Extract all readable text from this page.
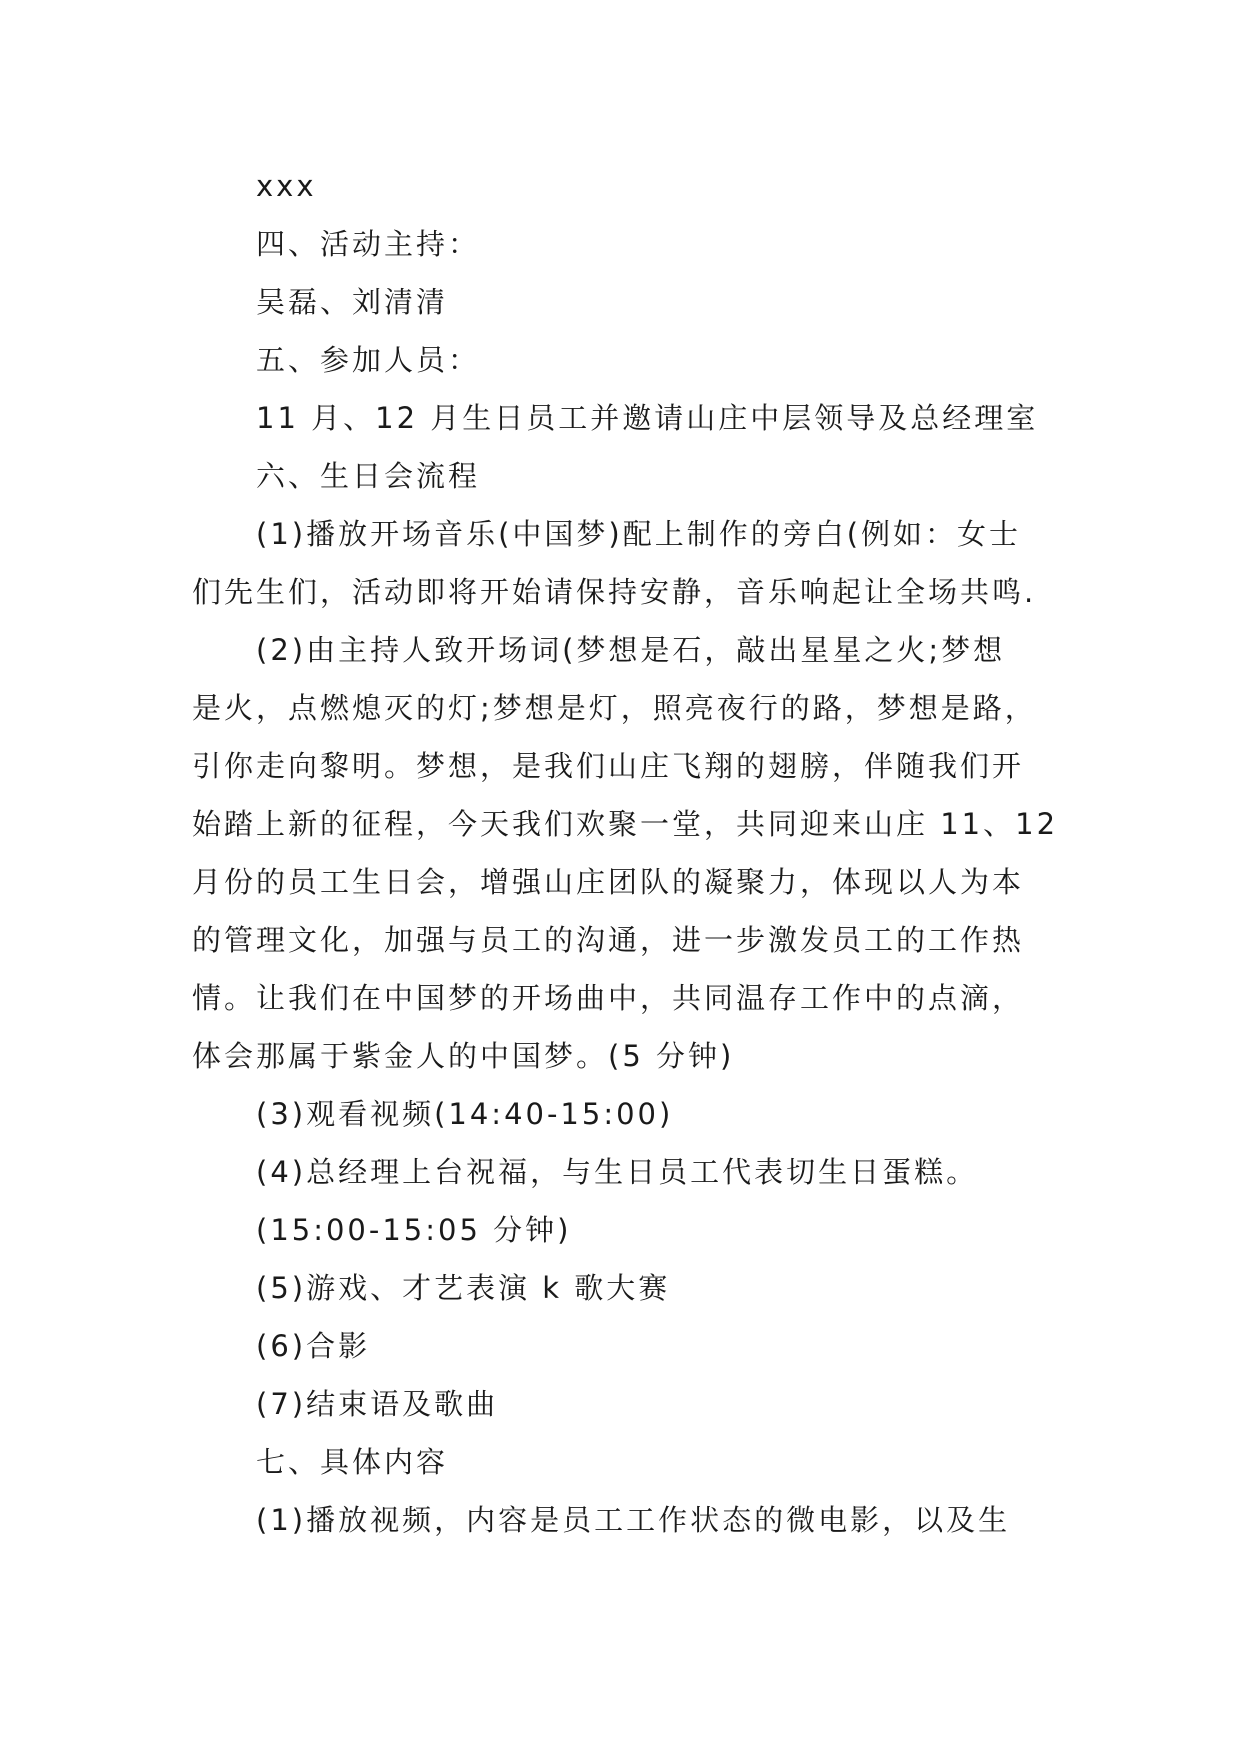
xxx
四、活动主持：
吴磊、刘清清
五、参加人员：
11 月、12 月生日员工并邀请山庄中层领导及总经理室
六、生日会流程
(1)播放开场音乐(中国梦)配上制作的旁白(例如：女士
们先生们，活动即将开始请保持安静，音乐响起让全场共鸣.
(2)由主持人致开场词(梦想是石，敲出星星之火;梦想
是火，点燃熄灭的灯;梦想是灯，照亮夜行的路，梦想是路，
引你走向黎明。梦想，是我们山庄飞翔的翅膀，伴随我们开
始踏上新的征程，今天我们欢聚一堂，共同迎来山庄 11、12
月份的员工生日会，增强山庄团队的凝聚力，体现以人为本
的管理文化，加强与员工的沟通，进一步激发员工的工作热
情。让我们在中国梦的开场曲中，共同温存工作中的点滴，
体会那属于紫金人的中国梦。(5 分钟)
(3)观看视频(14:40-15:00)
(4)总经理上台祝福，与生日员工代表切生日蛋糕。
(15:00-15:05 分钟)
(5)游戏、才艺表演 k 歌大赛
(6)合影
(7)结束语及歌曲
七、具体内容
(1)播放视频，内容是员工工作状态的微电影，以及生
